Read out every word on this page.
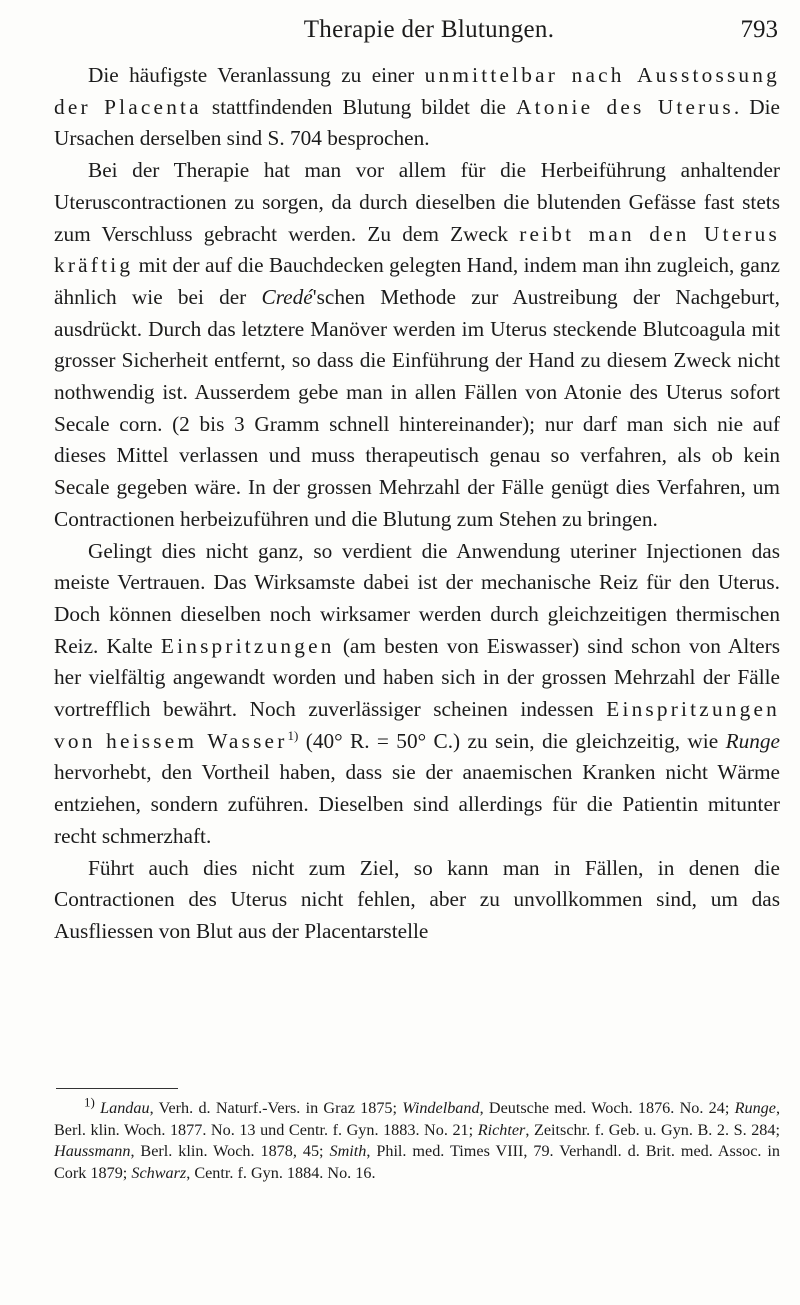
Therapie der Blutungen.	793

Die häufigste Veranlassung zu einer unmittelbar nach Ausstossung der Placenta stattfindenden Blutung bildet die Atonie des Uterus. Die Ursachen derselben sind S. 704 besprochen.

Bei der Therapie hat man vor allem für die Herbeiführung anhaltender Uteruscontractionen zu sorgen, da durch dieselben die blutenden Gefässe fast stets zum Verschluss gebracht werden. Zu dem Zweck reibt man den Uterus kräftig mit der auf die Bauchdecken gelegten Hand, indem man ihn zugleich, ganz ähnlich wie bei der Credé'schen Methode zur Austreibung der Nachgeburt, ausdrückt. Durch das letztere Manöver werden im Uterus steckende Blutcoagula mit grosser Sicherheit entfernt, so dass die Einführung der Hand zu diesem Zweck nicht nothwendig ist. Ausserdem gebe man in allen Fällen von Atonie des Uterus sofort Secale corn. (2 bis 3 Gramm schnell hintereinander); nur darf man sich nie auf dieses Mittel verlassen und muss therapeutisch genau so verfahren, als ob kein Secale gegeben wäre. In der grossen Mehrzahl der Fälle genügt dies Verfahren, um Contractionen herbeizuführen und die Blutung zum Stehen zu bringen.

Gelingt dies nicht ganz, so verdient die Anwendung uteriner Injectionen das meiste Vertrauen. Das Wirksamste dabei ist der mechanische Reiz für den Uterus. Doch können dieselben noch wirksamer werden durch gleichzeitigen thermischen Reiz. Kalte Einspritzungen (am besten von Eiswasser) sind schon von Alters her vielfältig angewandt worden und haben sich in der grossen Mehrzahl der Fälle vortrefflich bewährt. Noch zuverlässiger scheinen indessen Einspritzungen von heissem Wasser$^{1)}$ (40° R. = 50° C.) zu sein, die gleichzeitig, wie Runge hervorhebt, den Vortheil haben, dass sie der anaemischen Kranken nicht Wärme entziehen, sondern zuführen. Dieselben sind allerdings für die Patientin mitunter recht schmerzhaft.

Führt auch dies nicht zum Ziel, so kann man in Fällen, in denen die Contractionen des Uterus nicht fehlen, aber zu unvollkommen sind, um das Ausfliessen von Blut aus der Placentarstelle

$^{1)}$ Landau, Verh. d. Naturf.-Vers. in Graz 1875; Windelband, Deutsche med. Woch. 1876. No. 24; Runge, Berl. klin. Woch. 1877. No. 13 und Centr. f. Gyn. 1883. No. 21; Richter, Zeitschr. f. Geb. u. Gyn. B. 2. S. 284; Haussmann, Berl. klin. Woch. 1878, 45; Smith, Phil. med. Times VIII, 79. Verhandl. d. Brit. med. Assoc. in Cork 1879; Schwarz, Centr. f. Gyn. 1884. No. 16.
